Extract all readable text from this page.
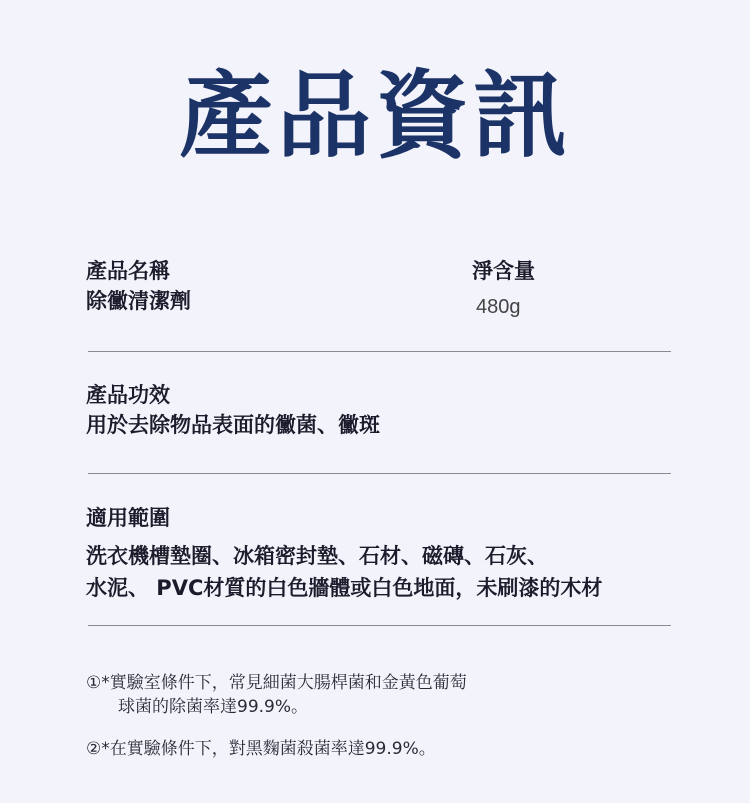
產品資訊
產品名稱
除黴清潔劑
淨含量
480g
產品功效
用於去除物品表面的黴菌、黴斑
適用範圍
洗衣機槽墊圈、冰箱密封墊、石材、磁磚、石灰、
水泥、 PVC材質的白色牆體或白色地面，未刷漆的木材
①*實驗室條件下，常見細菌大腸桿菌和金黃色葡萄
球菌的除菌率達99.9%。
②*在實驗條件下，對黑麴菌殺菌率達99.9%。
